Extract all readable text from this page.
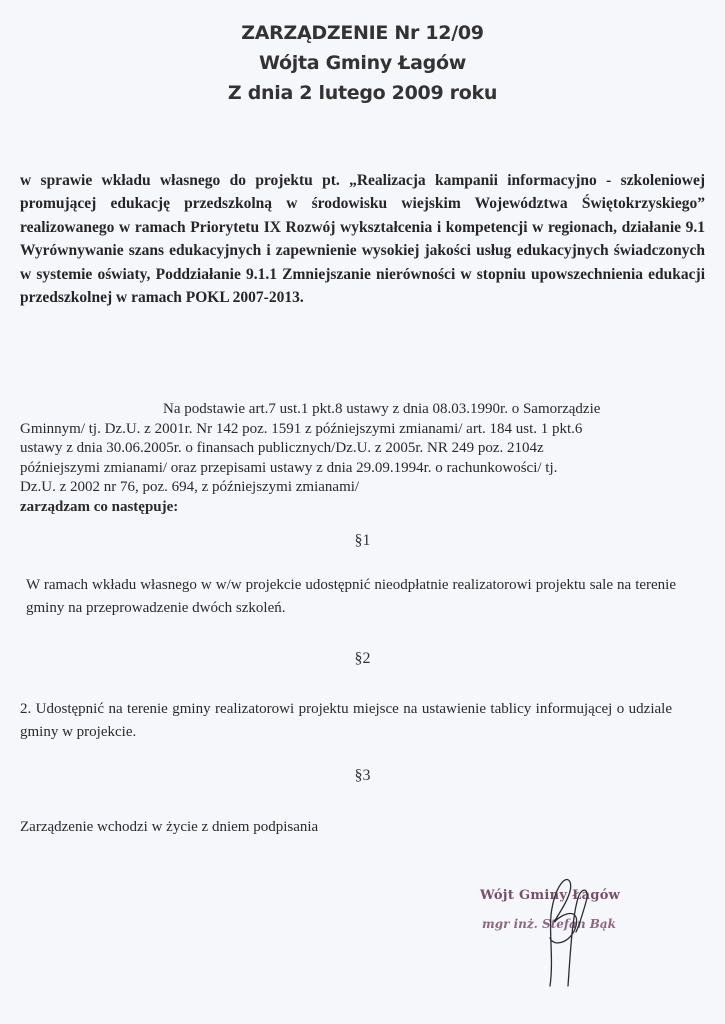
ZARZĄDZENIE Nr 12/09
Wójta Gminy Łagów
Z dnia 2 lutego 2009 roku
w sprawie wkładu własnego do projektu pt. „Realizacja kampanii informacyjno - szkoleniowej promującej edukację przedszkolną w środowisku wiejskim Województwa Świętokrzyskiego” realizowanego w ramach Priorytetu IX Rozwój wykształcenia i kompetencji w regionach, działanie 9.1 Wyrównywanie szans edukacyjnych i zapewnienie wysokiej jakości usług edukacyjnych świadczonych w systemie oświaty, Poddziałanie 9.1.1 Zmniejszanie nierówności w stopniu upowszechnienia edukacji przedszkolnej w ramach POKL 2007-2013.
Na podstawie art.7 ust.1 pkt.8 ustawy z dnia 08.03.1990r. o Samorządzie
Gminnym/ tj. Dz.U. z 2001r. Nr 142 poz. 1591 z późniejszymi zmianami/ art. 184 ust. 1 pkt.6
ustawy z dnia 30.06.2005r. o finansach publicznych/Dz.U. z 2005r. NR 249 poz. 2104z
późniejszymi zmianami/ oraz przepisami ustawy z dnia 29.09.1994r. o rachunkowości/ tj.
Dz.U. z 2002 nr 76, poz. 694, z późniejszymi zmianami/
zarządzam co następuje:
§1
W ramach wkładu własnego w w/w projekcie udostępnić nieodpłatnie realizatorowi projektu sale na terenie gminy na przeprowadzenie dwóch szkoleń.
§2
2. Udostępnić na terenie gminy realizatorowi projektu miejsce na ustawienie tablicy informującej o udziale gminy w projekcie.
§3
Zarządzenie wchodzi w życie z dniem podpisania
Wójt Gminy Łagów
mgr inż. Stefan Bąk
